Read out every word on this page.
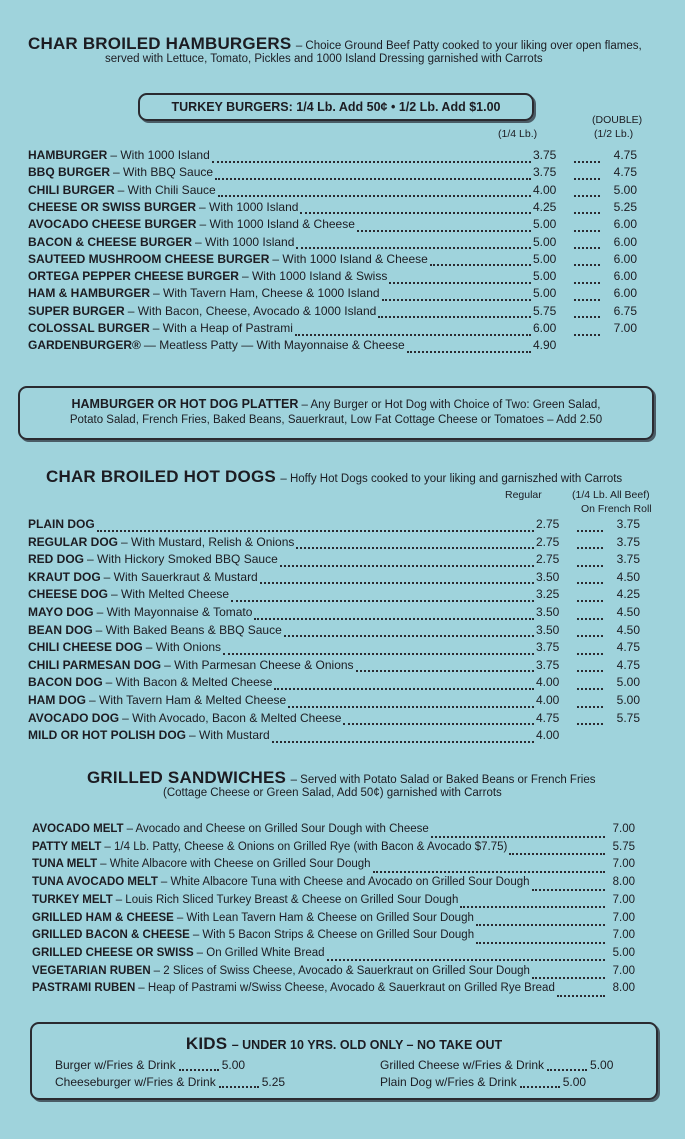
CHAR BROILED HAMBURGERS – Choice Ground Beef Patty cooked to your liking over open flames,
served with Lettuce, Tomato, Pickles and 1000 Island Dressing garnished with Carrots
TURKEY BURGERS: 1/4 Lb. Add 50¢ • 1/2 Lb. Add $1.00
(1/4 Lb.)
(DOUBLE)
(1/2 Lb.)
HAMBURGER – With 1000 Island	3.75	4.75
BBQ BURGER – With BBQ Sauce	3.75	4.75
CHILI BURGER – With Chili Sauce	4.00	5.00
CHEESE OR SWISS BURGER – With 1000 Island	4.25	5.25
AVOCADO CHEESE BURGER – With 1000 Island & Cheese	5.00	6.00
BACON & CHEESE BURGER – With 1000 Island	5.00	6.00
SAUTEED MUSHROOM CHEESE BURGER – With 1000 Island & Cheese	5.00	6.00
ORTEGA PEPPER CHEESE BURGER – With 1000 Island & Swiss	5.00	6.00
HAM & HAMBURGER – With Tavern Ham, Cheese & 1000 Island	5.00	6.00
SUPER BURGER – With Bacon, Cheese, Avocado & 1000 Island	5.75	6.75
COLOSSAL BURGER – With a Heap of Pastrami	6.00	7.00
GARDENBURGER® — Meatless Patty — With Mayonnaise & Cheese	4.90
HAMBURGER OR HOT DOG PLATTER – Any Burger or Hot Dog with Choice of Two: Green Salad,
Potato Salad, French Fries, Baked Beans, Sauerkraut, Low Fat Cottage Cheese or Tomatoes – Add 2.50
CHAR BROILED HOT DOGS – Hoffy Hot Dogs cooked to your liking and garniszhed with Carrots
Regular	(1/4 Lb. All Beef)
On French Roll
PLAIN DOG	2.75	3.75
REGULAR DOG – With Mustard, Relish & Onions	2.75	3.75
RED DOG – With Hickory Smoked BBQ Sauce	2.75	3.75
KRAUT DOG – With Sauerkraut & Mustard	3.50	4.50
CHEESE DOG – With Melted Cheese	3.25	4.25
MAYO DOG – With Mayonnaise & Tomato	3.50	4.50
BEAN DOG – With Baked Beans & BBQ Sauce	3.50	4.50
CHILI CHEESE DOG – With Onions	3.75	4.75
CHILI PARMESAN DOG – With Parmesan Cheese & Onions	3.75	4.75
BACON DOG – With Bacon & Melted Cheese	4.00	5.00
HAM DOG – With Tavern Ham & Melted Cheese	4.00	5.00
AVOCADO DOG – With Avocado, Bacon & Melted Cheese	4.75	5.75
MILD OR HOT POLISH DOG – With Mustard	4.00
GRILLED SANDWICHES – Served with Potato Salad or Baked Beans or French Fries
(Cottage Cheese or Green Salad, Add 50¢) garnished with Carrots
AVOCADO MELT – Avocado and Cheese on Grilled Sour Dough with Cheese	7.00
PATTY MELT – 1/4 Lb. Patty, Cheese & Onions on Grilled Rye (with Bacon & Avocado $7.75)	5.75
TUNA MELT – White Albacore with Cheese on Grilled Sour Dough	7.00
TUNA AVOCADO MELT – White Albacore Tuna with Cheese and Avocado on Grilled Sour Dough	8.00
TURKEY MELT – Louis Rich Sliced Turkey Breast & Cheese on Grilled Sour Dough	7.00
GRILLED HAM & CHEESE – With Lean Tavern Ham & Cheese on Grilled Sour Dough	7.00
GRILLED BACON & CHEESE – With 5 Bacon Strips & Cheese on Grilled Sour Dough	7.00
GRILLED CHEESE OR SWISS – On Grilled White Bread	5.00
VEGETARIAN RUBEN – 2 Slices of Swiss Cheese, Avocado & Sauerkraut on Grilled Sour Dough	7.00
PASTRAMI RUBEN – Heap of Pastrami w/Swiss Cheese, Avocado & Sauerkraut on Grilled Rye Bread	8.00
KIDS – UNDER 10 YRS. OLD ONLY – NO TAKE OUT
Burger w/Fries & Drink	5.00
Cheeseburger w/Fries & Drink	5.25
Grilled Cheese w/Fries & Drink	5.00
Plain Dog w/Fries & Drink	5.00
